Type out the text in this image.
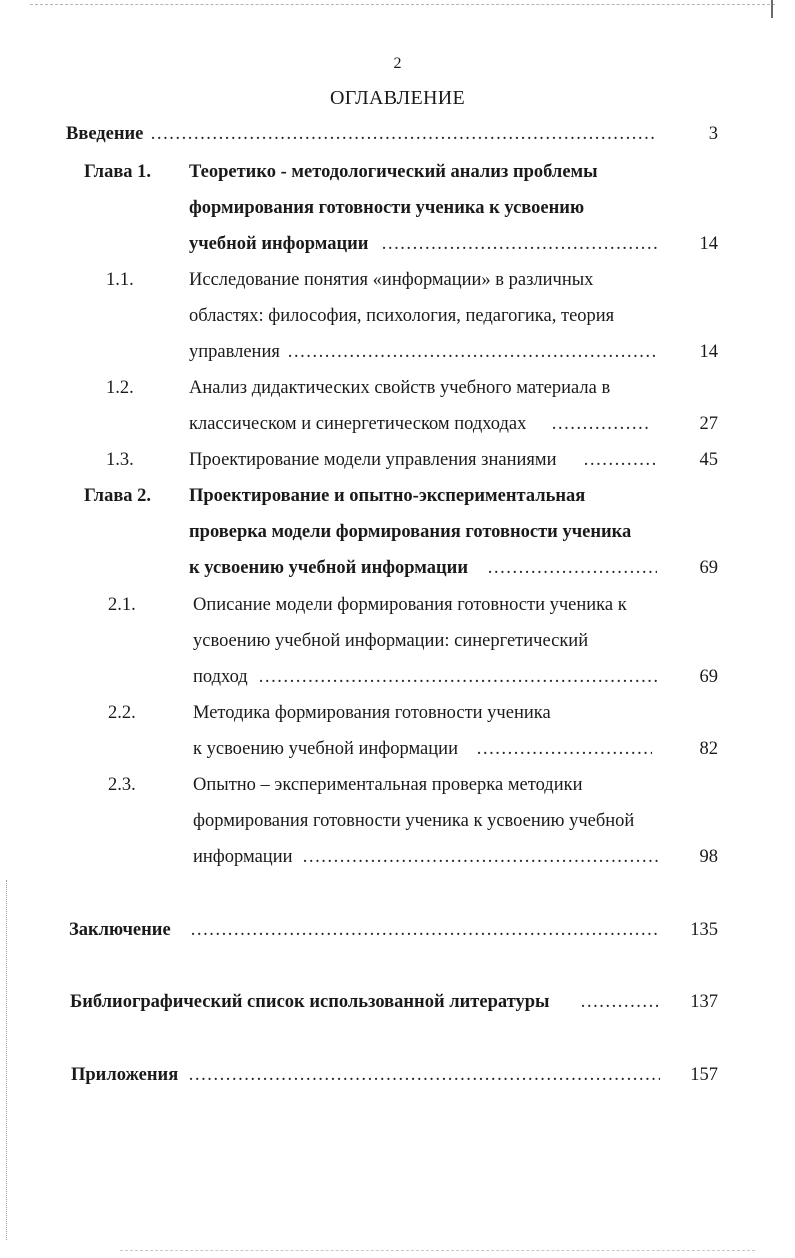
2
ОГЛАВЛЕНИЕ
Введение …………………………………………………………………………………………………………………………………………………………	3
Глава 1. Теоретико - методологический анализ проблемы
формирования готовности ученика к усвоению
учебной информации …………………………………………………………………………………………………………………………………………………………	14
1.1.	Исследование понятия «информации» в различных
областях: философия, психология, педагогика, теория
управления …………………………………………………………………………………………………………………………………………………………	14
1.2.	Анализ дидактических свойств учебного материала в
классическом и синергетическом подходах …………………………………………………………………………………………………………………………………………………………	27
1.3.	Проектирование модели управления знаниями …………………………………………………………………………………………………………………………………………………………	45
Глава 2. Проектирование и опытно-экспериментальная
проверка модели формирования готовности ученика
к усвоению учебной информации …………………………………………………………………………………………………………………………………………………………	69
2.1.	Описание модели формирования готовности ученика к
усвоению учебной информации: синергетический
подход …………………………………………………………………………………………………………………………………………………………	69
2.2.	Методика формирования готовности ученика
к усвоению учебной информации …………………………………………………………………………………………………………………………………………………………	82
2.3.	Опытно – экспериментальная проверка методики
формирования готовности ученика к усвоению учебной
информации …………………………………………………………………………………………………………………………………………………………	98
Заключение …………………………………………………………………………………………………………………………………………………………	135
Библиографический список использованной литературы …………………………………………………………………………………………………………………………………………………………	137
Приложения …………………………………………………………………………………………………………………………………………………………	157
